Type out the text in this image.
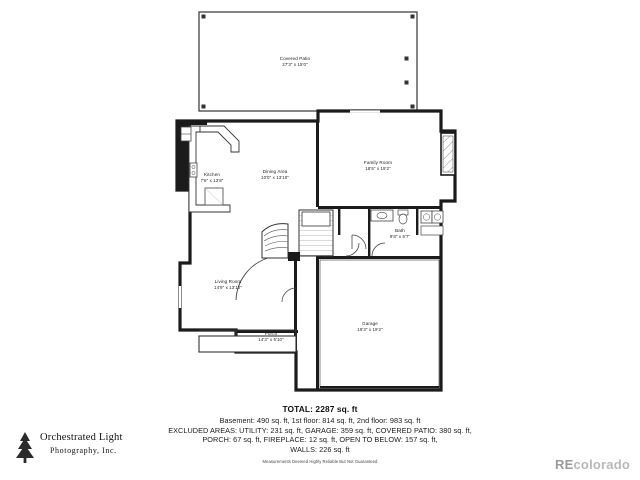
Covered Patio
27'3" x 15'0"
Family Room
18'5" x 19'2"
Dining Area
10'0" x 13'10"
Kitchen
7'6" x 13'8"
Living Room
14'9" x 13'10"
Bath
9'8" x 5'7"
Garage
19'3" x 19'2"
Porch
14'3" x 5'10"
TOTAL: 2287 sq. ft
Basement: 490 sq. ft, 1st floor: 814 sq. ft, 2nd floor: 983 sq. ft
EXCLUDED AREAS: UTILITY: 231 sq. ft, GARAGE: 359 sq. ft, COVERED PATIO: 380 sq. ft,
PORCH: 67 sq. ft, FIREPLACE: 12 sq. ft, OPEN TO BELOW: 157 sq. ft,
WALLS: 226 sq. ft
Measurements Deemed Highly Reliable But Not Guaranteed
Orchestrated Light
Photography, Inc.
REcolorado
